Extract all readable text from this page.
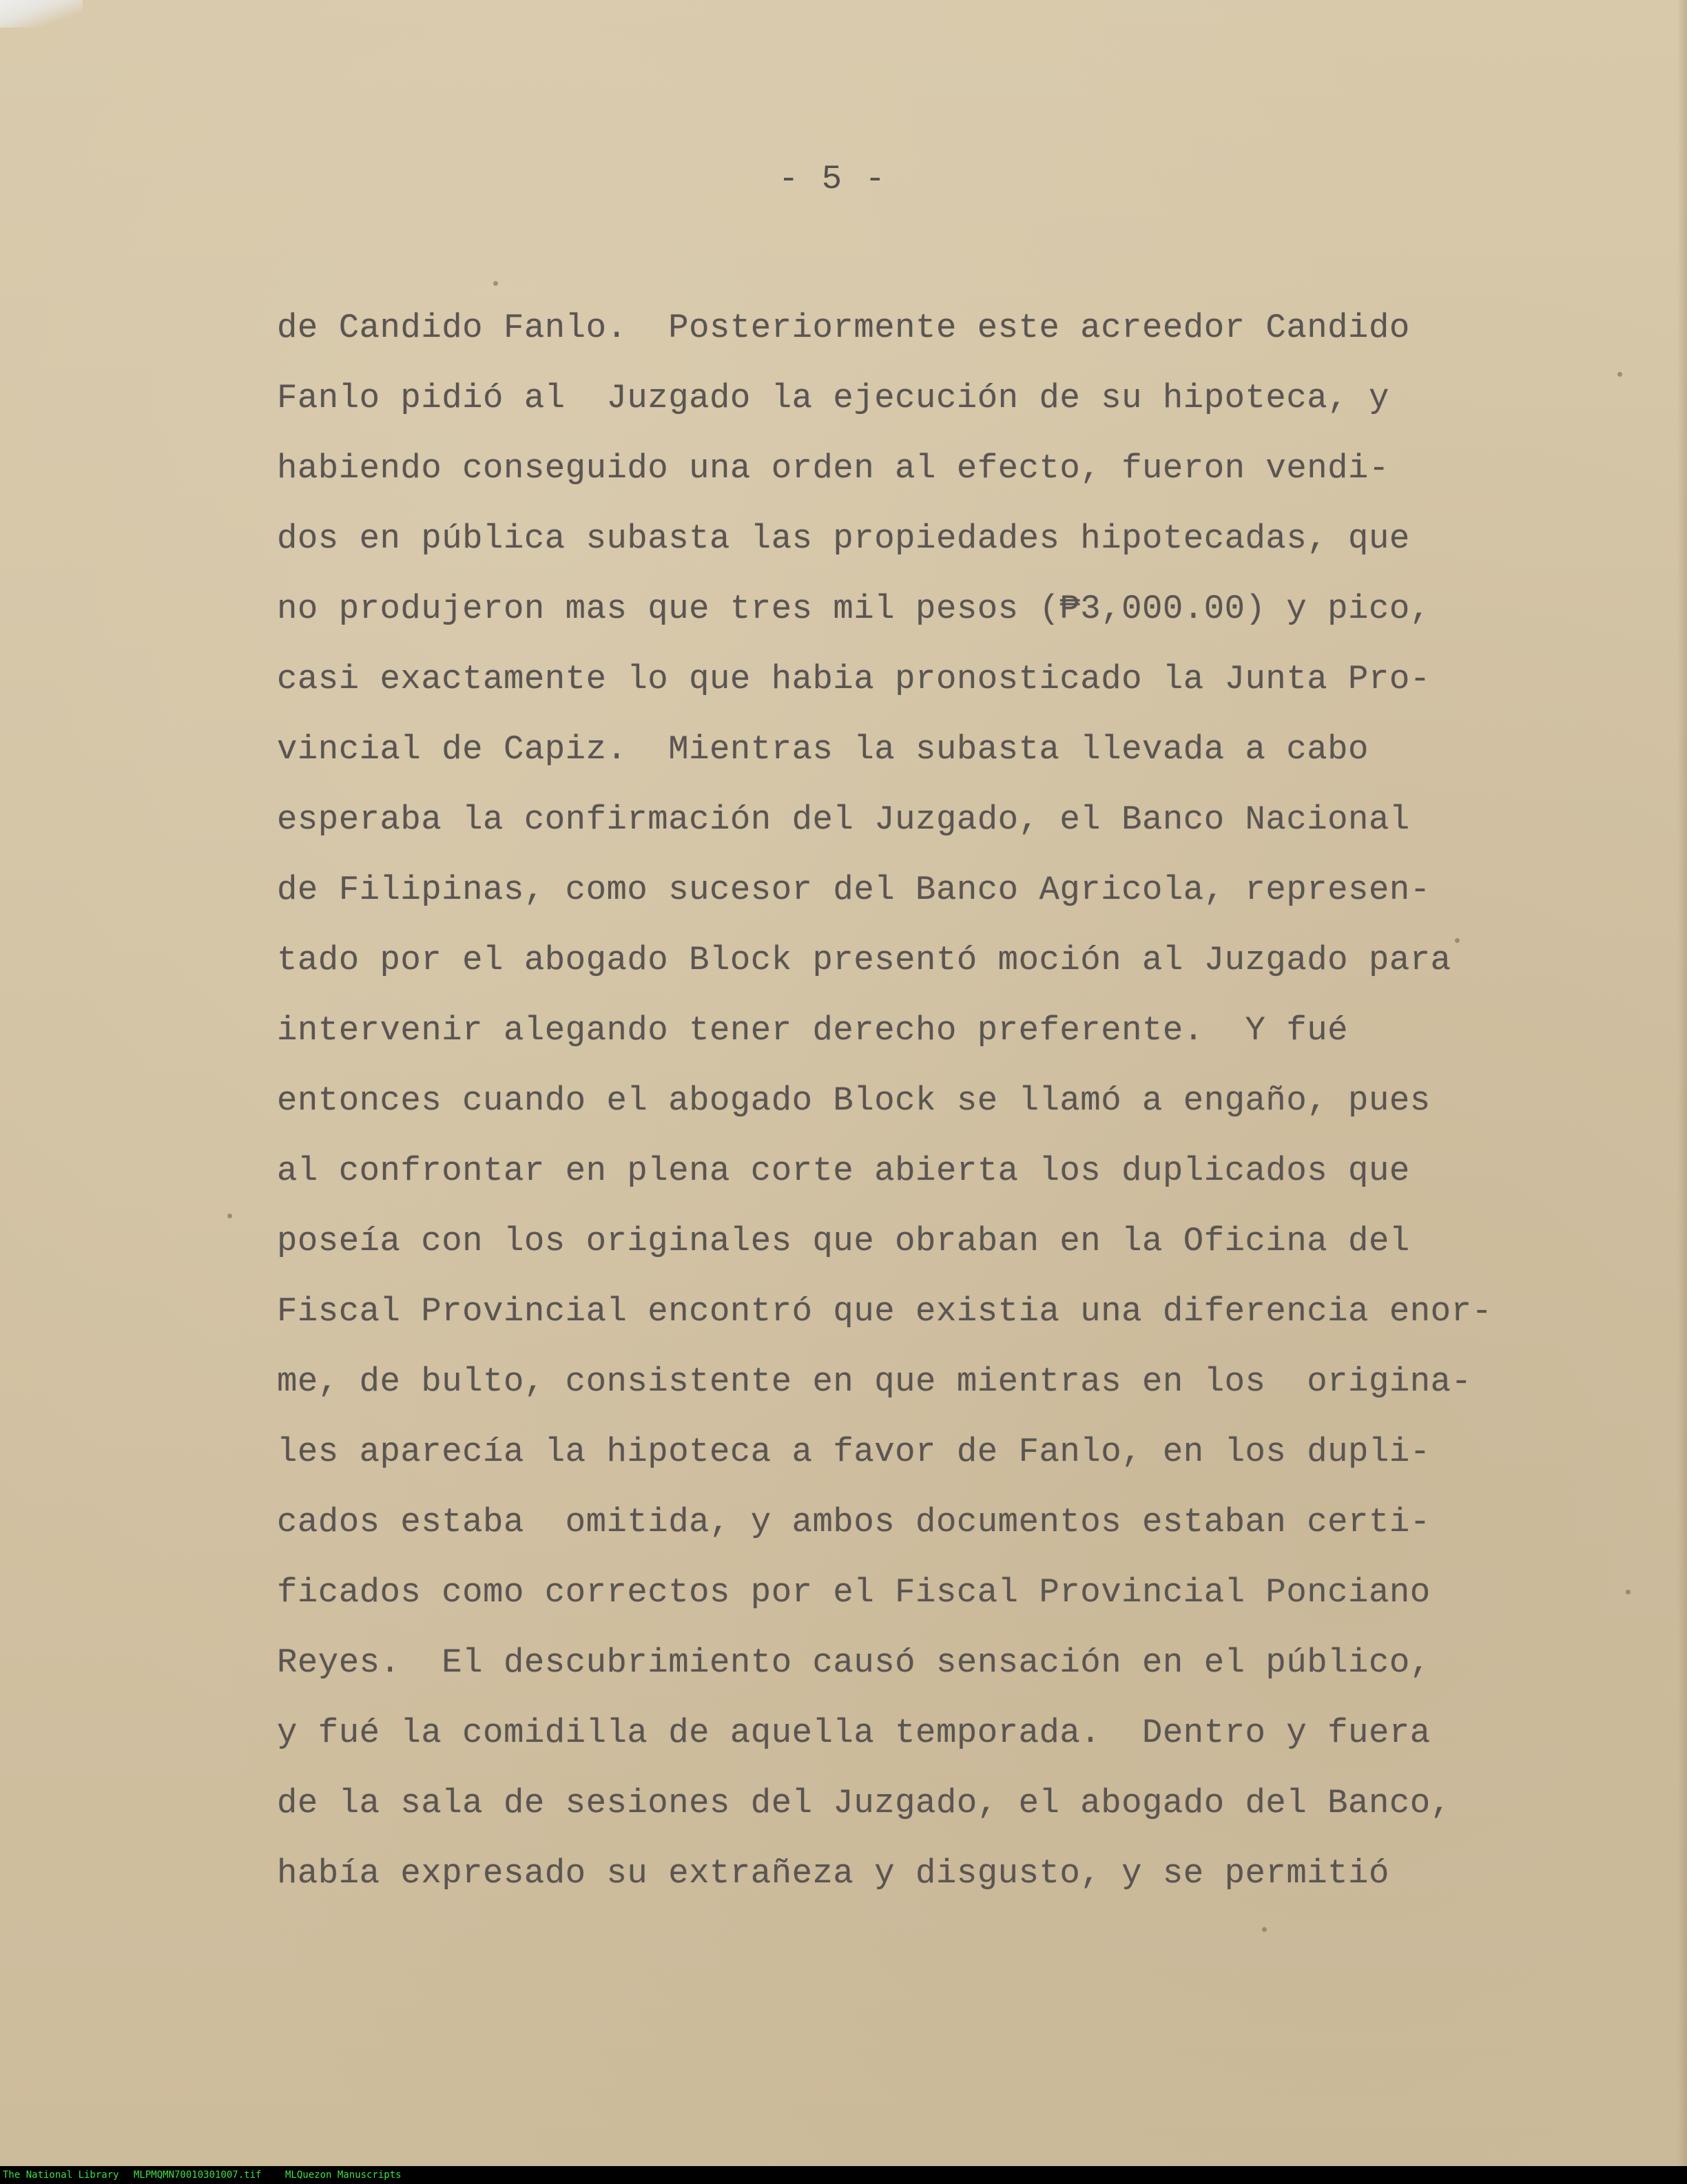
- 5 -
de Candido Fanlo.  Posteriormente este acreedor Candido
Fanlo pidió al  Juzgado la ejecución de su hipoteca, y
habiendo conseguido una orden al efecto, fueron vendi-
dos en pública subasta las propiedades hipotecadas, que
no produjeron mas que tres mil pesos (₱3,000.00) y pico,
casi exactamente lo que habia pronosticado la Junta Pro-
vincial de Capiz.  Mientras la subasta llevada a cabo
esperaba la confirmación del Juzgado, el Banco Nacional
de Filipinas, como sucesor del Banco Agricola, represen-
tado por el abogado Block presentó moción al Juzgado para
intervenir alegando tener derecho preferente.  Y fué
entonces cuando el abogado Block se llamó a engaño, pues
al confrontar en plena corte abierta los duplicados que
poseía con los originales que obraban en la Oficina del
Fiscal Provincial encontró que existia una diferencia enor-
me, de bulto, consistente en que mientras en los  origina-
les aparecía la hipoteca a favor de Fanlo, en los dupli-
cados estaba  omitida, y ambos documentos estaban certi-
ficados como correctos por el Fiscal Provincial Ponciano
Reyes.  El descubrimiento causó sensación en el público,
y fué la comidilla de aquella temporada.  Dentro y fuera
de la sala de sesiones del Juzgado, el abogado del Banco,
había expresado su extrañeza y disgusto, y se permitió
The National Library	MLPMQMN70010301007.tif	MLQuezon Manuscripts
